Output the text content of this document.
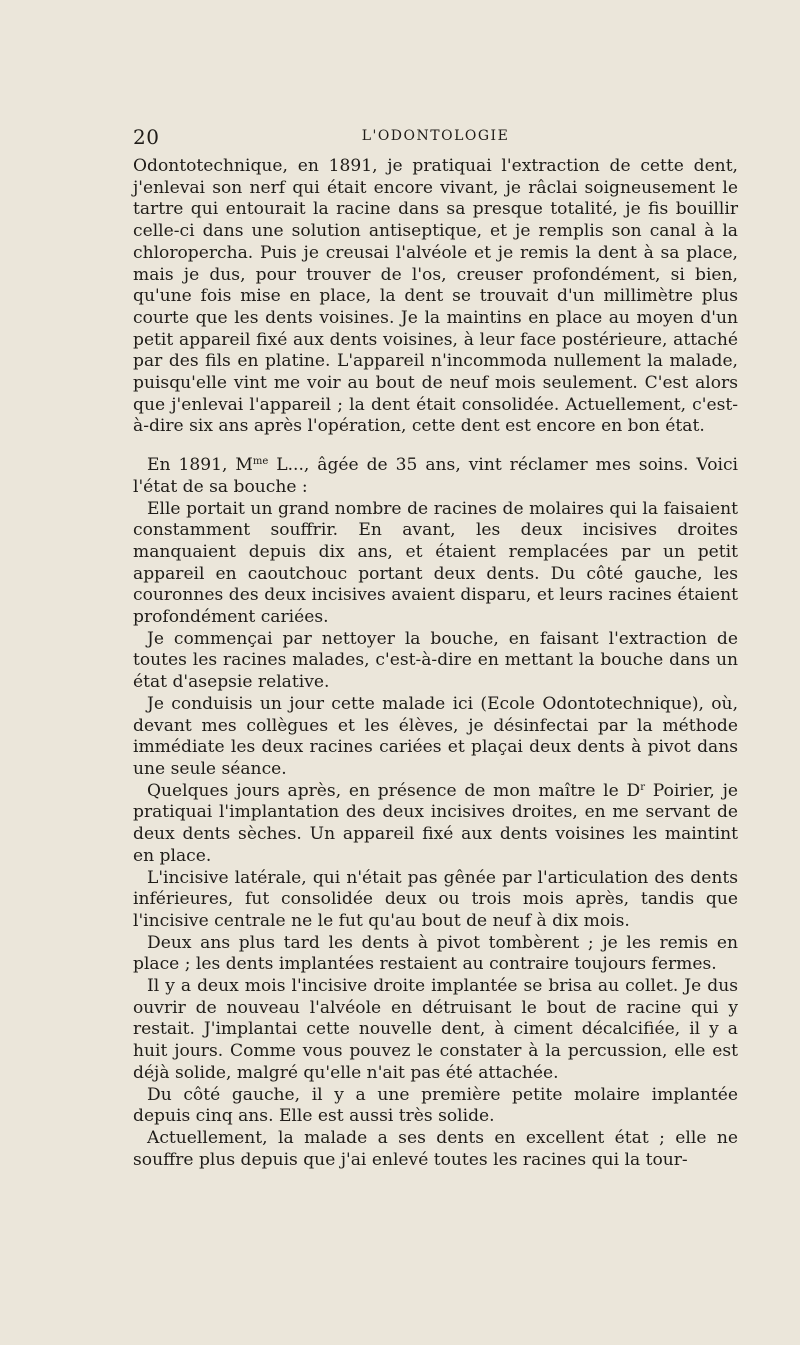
20	L'ODONTOLOGIE

Odontotechnique, en 1891, je pratiquai l'extraction de cette dent, j'enlevai son nerf qui était encore vivant, je râclai soigneusement le tartre qui entourait la racine dans sa presque totalité, je fis bouillir celle-ci dans une solution antiseptique, et je remplis son canal à la chloropercha. Puis je creusai l'alvéole et je remis la dent à sa place, mais je dus, pour trouver de l'os, creuser profondément, si bien, qu'une fois mise en place, la dent se trouvait d'un millimètre plus courte que les dents voisines. Je la maintins en place au moyen d'un petit appareil fixé aux dents voisines, à leur face postérieure, attaché par des fils en platine. L'appareil n'incommoda nullement la malade, puisqu'elle vint me voir au bout de neuf mois seulement. C'est alors que j'enlevai l'appareil ; la dent était consolidée. Actuellement, c'est-à-dire six ans après l'opération, cette dent est encore en bon état.

En 1891, $M^{me}$ L..., âgée de 35 ans, vint réclamer mes soins. Voici l'état de sa bouche :

Elle portait un grand nombre de racines de molaires qui la faisaient constamment souffrir. En avant, les deux incisives droites manquaient depuis dix ans, et étaient remplacées par un petit appareil en caoutchouc portant deux dents. Du côté gauche, les couronnes des deux incisives avaient disparu, et leurs racines étaient profondément cariées.

Je commençai par nettoyer la bouche, en faisant l'extraction de toutes les racines malades, c'est-à-dire en mettant la bouche dans un état d'asepsie relative.

Je conduisis un jour cette malade ici (Ecole Odontotechnique), où, devant mes collègues et les élèves, je désinfectai par la méthode immédiate les deux racines cariées et plaçai deux dents à pivot dans une seule séance.

Quelques jours après, en présence de mon maître le $D^r$ Poirier, je pratiquai l'implantation des deux incisives droites, en me servant de deux dents sèches. Un appareil fixé aux dents voisines les maintint en place.

L'incisive latérale, qui n'était pas gênée par l'articulation des dents inférieures, fut consolidée deux ou trois mois après, tandis que l'incisive centrale ne le fut qu'au bout de neuf à dix mois.

Deux ans plus tard les dents à pivot tombèrent ; je les remis en place ; les dents implantées restaient au contraire toujours fermes.

Il y a deux mois l'incisive droite implantée se brisa au collet. Je dus ouvrir de nouveau l'alvéole en détruisant le bout de racine qui y restait. J'implantai cette nouvelle dent, à ciment décalcifiée, il y a huit jours. Comme vous pouvez le constater à la percussion, elle est déjà solide, malgré qu'elle n'ait pas été attachée.

Du côté gauche, il y a une première petite molaire implantée depuis cinq ans. Elle est aussi très solide.

Actuellement, la malade a ses dents en excellent état ; elle ne souffre plus depuis que j'ai enlevé toutes les racines qui la tour-
